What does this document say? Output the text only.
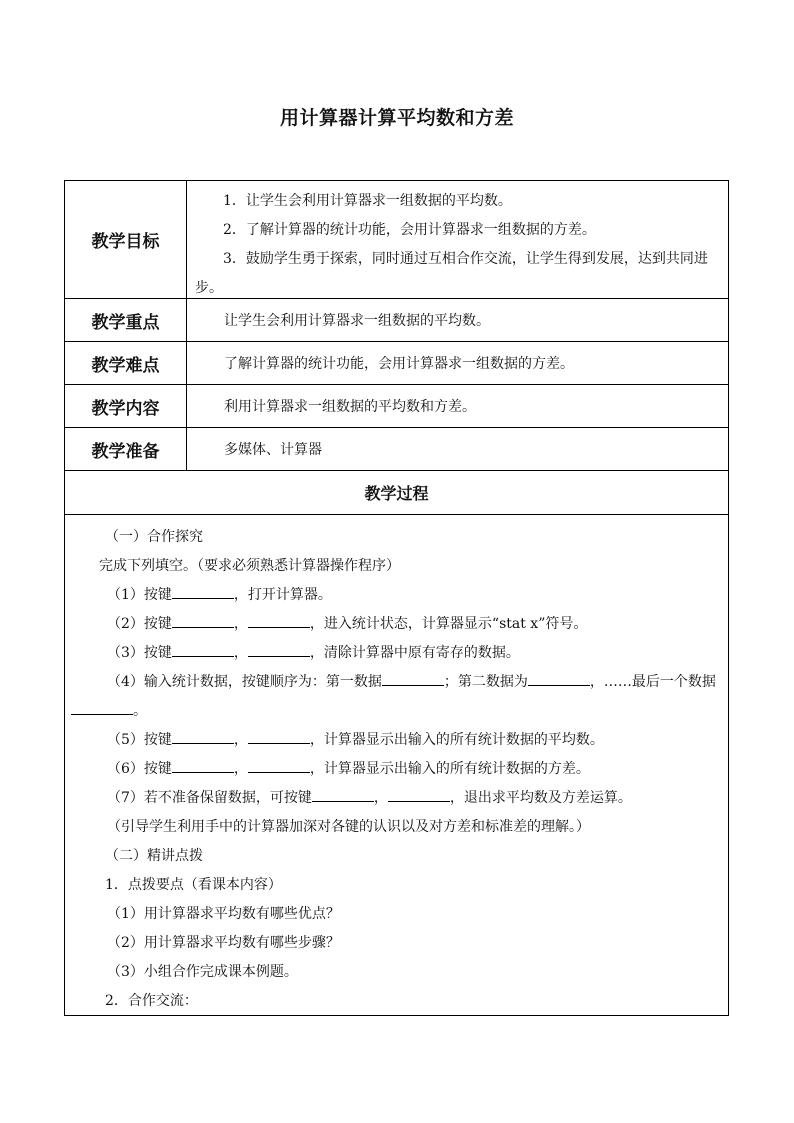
用计算器计算平均数和方差
教学目标

1．让学生会利用计算器求一组数据的平均数。

2．了解计算器的统计功能，会用计算器求一组数据的方差。

3．鼓励学生勇于探索，同时通过互相合作交流，让学生得到发展，达到共同进步。

教学重点	让学生会利用计算器求一组数据的平均数。
教学难点	了解计算器的统计功能，会用计算器求一组数据的方差。
教学内容	利用计算器求一组数据的平均数和方差。
教学准备	多媒体、计算器
教学过程

（一）合作探究

完成下列填空。（要求必须熟悉计算器操作程序）

（1）按键	，打开计算器。

（2）按键	，	，进入统计状态，计算器显示“stat x”符号。

（3）按键	，	，清除计算器中原有寄存的数据。

（4）输入统计数据，按键顺序为：第一数据	；第二数据为	，……最后一个数据。

（5）按键	，	，计算器显示出输入的所有统计数据的平均数。

（6）按键	，	，计算器显示出输入的所有统计数据的方差。

（7）若不准备保留数据，可按键	，	，退出求平均数及方差运算。

（引导学生利用手中的计算器加深对各键的认识以及对方差和标准差的理解。）

（二）精讲点拨

1．点拨要点（看课本内容）

（1）用计算器求平均数有哪些优点？

（2）用计算器求平均数有哪些步骤？

（3）小组合作完成课本例题。

2．合作交流：
